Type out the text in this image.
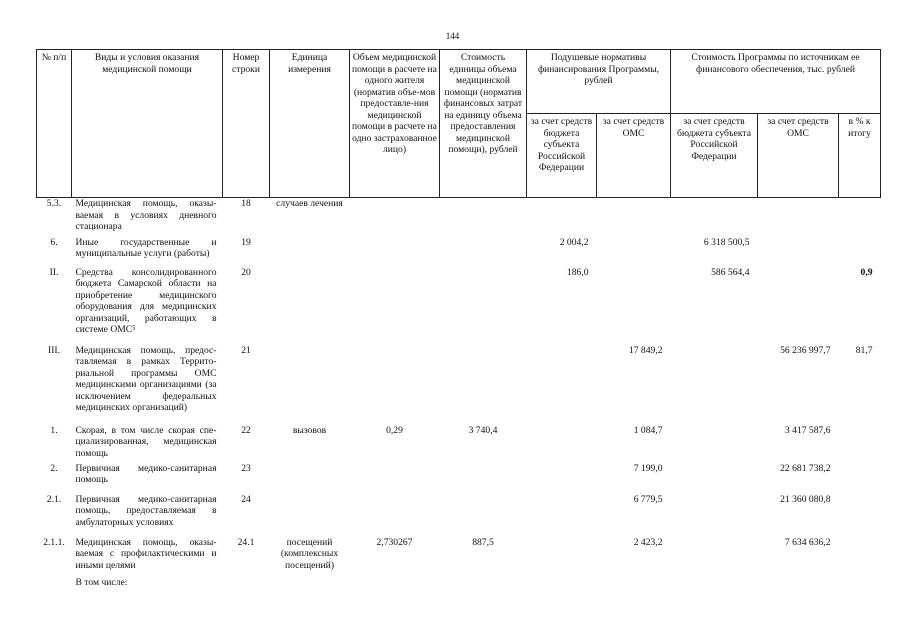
144
№ п/п	Виды и условия оказания медицинской помощи	Номер строки	Единица измерения	Объем медицинской помощи в расчете на одного жителя (норматив объе-мов предоставле-ния медицинской помощи в расчете на одно застрахованное лицо)	Стоимость единицы объема медицинской помощи (норматив финансовых затрат на единицу объема предоставления медицинской помощи), рублей	Подушевые нормативы финансирования Программы, рублей		Стоимость Программы по источникам ее финансового обеспечения, тыс. рублей		
						за счет средств бюджета субъекта Российской Федерации	за счет средств ОМС	за счет средств бюджета субъекта Российской Федерации	за счет средств ОМС	в % к итогу
5.3.	Медицинская помощь, оказы-ваемая в условиях дневного стационара	18	случаев лечения							
6.	Иные государственные и муниципальные услуги (работы)	19				2 004,2		6 318 500,5		
II.	Средства консолидированного бюджета Самарской области на приобретение медицинского оборудования для медицинских организаций, работающих в системе ОМС⁵	20				186,0		586 564,4		0,9
III.	Медицинская помощь, предос-тавляемая в рамках Террито-риальной программы ОМС медицинскими организациями (за исключением федеральных медицинских организаций)	21					17 849,2		56 236 997,7	81,7
1.	Скорая, в том числе скорая спе-циализированная, медицинская помощь	22	вызовов	0,29	3 740,4		1 084,7		3 417 587,6	
2.	Первичная медико-санитарная помощь	23					7 199,0		22 681 738,2	
2.1.	Первичная медико-санитарная помощь, предоставляемая в амбулаторных условиях	24					6 779,5		21 360 080,8	
2.1.1.	Медицинская помощь, оказы-ваемая с профилактическими и иными целями	24.1	посещений (комплексных посещений)	2,730267	887,5		2 423,2		7 634 636,2	
	В том числе:									
